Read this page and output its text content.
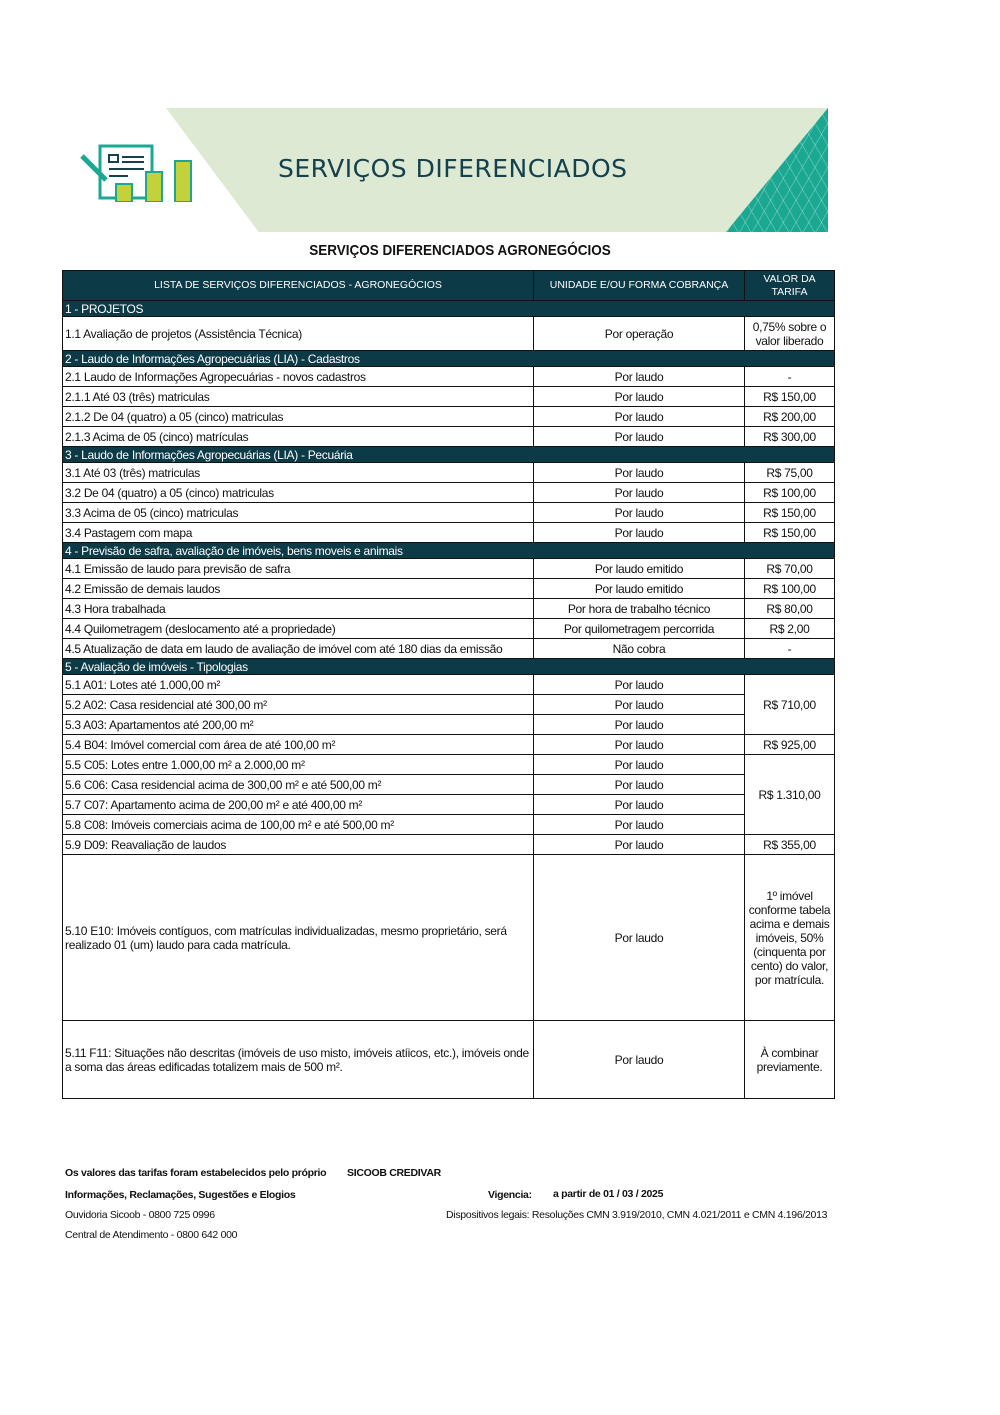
SERVIÇOS DIFERENCIADOS
SERVIÇOS DIFERENCIADOS AGRONEGÓCIOS
LISTA DE SERVIÇOS DIFERENCIADOS - AGRONEGÓCIOS	UNIDADE E/OU FORMA COBRANÇA	VALOR DA TARIFA
1 - PROJETOS		
1.1 Avaliação de projetos (Assistência Técnica)	Por operação	0,75% sobre o valor liberado
2 - Laudo de Informações Agropecuárias (LIA) - Cadastros		
2.1 Laudo de Informações Agropecuárias - novos cadastros	Por laudo	-
2.1.1 Até 03 (três) matriculas	Por laudo	R$ 150,00
2.1.2 De 04 (quatro) a 05 (cinco) matriculas	Por laudo	R$ 200,00
2.1.3 Acima de 05 (cinco) matrículas	Por laudo	R$ 300,00
3 - Laudo de Informações Agropecuárias (LIA) - Pecuária		
3.1 Até 03 (três) matriculas	Por laudo	R$ 75,00
3.2 De 04 (quatro) a 05 (cinco) matriculas	Por laudo	R$ 100,00
3.3 Acima de 05 (cinco) matriculas	Por laudo	R$ 150,00
3.4 Pastagem com mapa	Por laudo	R$ 150,00
4 - Previsão de safra, avaliação de imóveis, bens moveis e animais		
4.1 Emissão de laudo para previsão de safra	Por laudo emitido	R$ 70,00
4.2 Emissão de demais laudos	Por laudo emitido	R$ 100,00
4.3 Hora trabalhada	Por hora de trabalho técnico	R$ 80,00
4.4 Quilometragem (deslocamento até a propriedade)	Por quilometragem percorrida	R$ 2,00
4.5 Atualização de data em laudo de avaliação de imóvel com até 180 dias da emissão	Não cobra	-
5 - Avaliação de imóveis - Tipologias		
5.1 A01: Lotes até 1.000,00 m²	Por laudo	R$ 710,00
5.2 A02: Casa residencial até 300,00 m²	Por laudo	
5.3 A03: Apartamentos até 200,00 m²	Por laudo	
5.4 B04: Imóvel comercial com área de até 100,00 m²	Por laudo	R$ 925,00
5.5 C05: Lotes entre 1.000,00 m² a 2.000,00 m²	Por laudo	R$ 1.310,00
5.6 C06: Casa residencial acima de 300,00 m² e até 500,00 m²	Por laudo	
5.7 C07: Apartamento acima de 200,00 m² e até 400,00 m²	Por laudo	
5.8 C08: Imóveis comerciais acima de 100,00 m² e até 500,00 m²	Por laudo	
5.9 D09: Reavaliação de laudos	Por laudo	R$ 355,00
5.10 E10: Imóveis contíguos, com matrículas individualizadas, mesmo proprietário, será realizado 01 (um) laudo para cada matrícula.	Por laudo	1º imóvel conforme tabela acima e demais imóveis, 50% (cinquenta por cento) do valor, por matrícula.
5.11 F11: Situações não descritas (imóveis de uso misto, imóveis atíicos, etc.), imóveis onde a soma das áreas edificadas totalizem mais de 500 m².	Por laudo	À combinar previamente.
Os valores das tarifas foram estabelecidos pelo próprio SICOOB CREDIVAR
Informações, Reclamações, Sugestões e Elogios	Vigencia: a partir de 01 / 03 / 2025
Ouvidoria Sicoob - 0800 725 0996	Dispositivos legais: Resoluções CMN 3.919/2010, CMN 4.021/2011 e CMN 4.196/2013
Central de Atendimento - 0800 642 000
